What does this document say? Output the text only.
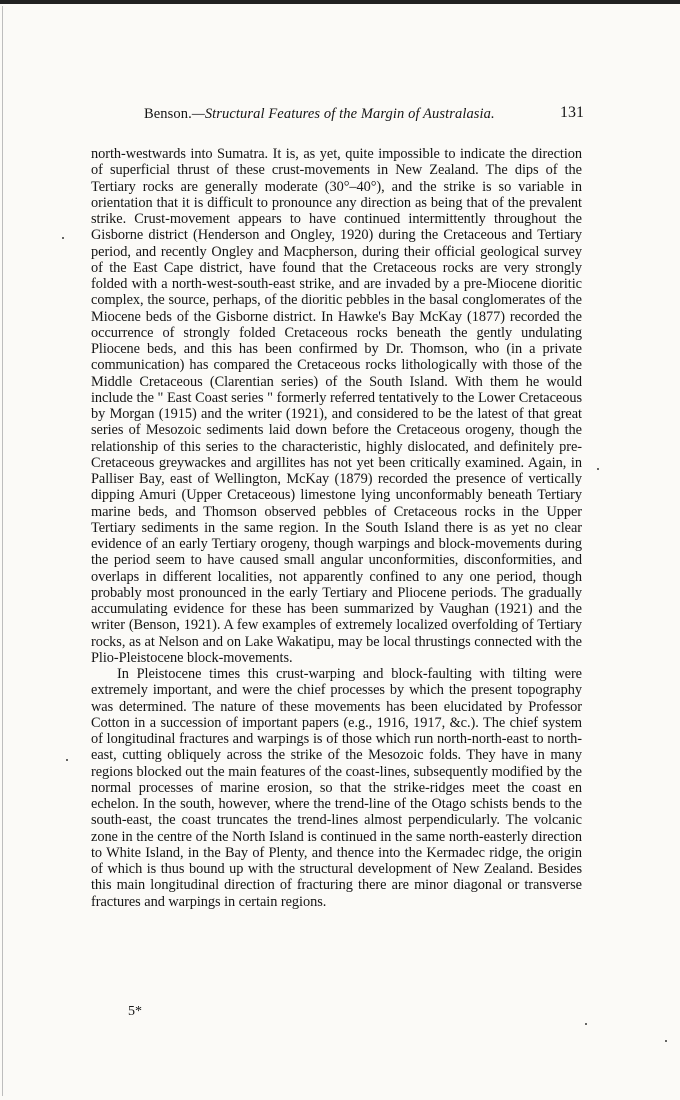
Benson.—Structural Features of the Margin of Australasia.	131

north-westwards into Sumatra. It is, as yet, quite impossible to indicate the direction of superficial thrust of these crust-movements in New Zealand. The dips of the Tertiary rocks are generally moderate (30°–40°), and the strike is so variable in orientation that it is difficult to pronounce any direction as being that of the prevalent strike. Crust-movement appears to have continued intermittently throughout the Gisborne district (Henderson and Ongley, 1920) during the Cretaceous and Tertiary period, and recently Ongley and Macpherson, during their official geological survey of the East Cape district, have found that the Cretaceous rocks are very strongly folded with a north-west-south-east strike, and are invaded by a pre-Miocene dioritic complex, the source, perhaps, of the dioritic pebbles in the basal conglomerates of the Miocene beds of the Gisborne district. In Hawke's Bay McKay (1877) recorded the occurrence of strongly folded Cretaceous rocks beneath the gently undulating Pliocene beds, and this has been confirmed by Dr. Thomson, who (in a private communication) has compared the Cretaceous rocks lithologically with those of the Middle Cretaceous (Clarentian series) of the South Island. With them he would include the " East Coast series " formerly referred tentatively to the Lower Cretaceous by Morgan (1915) and the writer (1921), and considered to be the latest of that great series of Mesozoic sediments laid down before the Cretaceous orogeny, though the relationship of this series to the characteristic, highly dislocated, and definitely pre-Cretaceous greywackes and argillites has not yet been critically examined. Again, in Palliser Bay, east of Wellington, McKay (1879) recorded the presence of vertically dipping Amuri (Upper Cretaceous) limestone lying unconformably beneath Tertiary marine beds, and Thomson observed pebbles of Cretaceous rocks in the Upper Tertiary sediments in the same region. In the South Island there is as yet no clear evidence of an early Tertiary orogeny, though warpings and block-movements during the period seem to have caused small angular unconformities, disconformities, and overlaps in different localities, not apparently confined to any one period, though probably most pronounced in the early Tertiary and Pliocene periods. The gradually accumulating evidence for these has been summarized by Vaughan (1921) and the writer (Benson, 1921). A few examples of extremely localized overfolding of Tertiary rocks, as at Nelson and on Lake Wakatipu, may be local thrustings connected with the Plio-Pleistocene block-movements.

In Pleistocene times this crust-warping and block-faulting with tilting were extremely important, and were the chief processes by which the present topography was determined. The nature of these movements has been elucidated by Professor Cotton in a succession of important papers (e.g., 1916, 1917, &c.). The chief system of longitudinal fractures and warpings is of those which run north-north-east to north-east, cutting obliquely across the strike of the Mesozoic folds. They have in many regions blocked out the main features of the coast-lines, subsequently modified by the normal processes of marine erosion, so that the strike-ridges meet the coast en echelon. In the south, however, where the trend-line of the Otago schists bends to the south-east, the coast truncates the trend-lines almost perpendicularly. The volcanic zone in the centre of the North Island is continued in the same north-easterly direction to White Island, in the Bay of Plenty, and thence into the Kermadec ridge, the origin of which is thus bound up with the structural development of New Zealand. Besides this main longitudinal direction of fracturing there are minor diagonal or transverse fractures and warpings in certain regions.

5*
